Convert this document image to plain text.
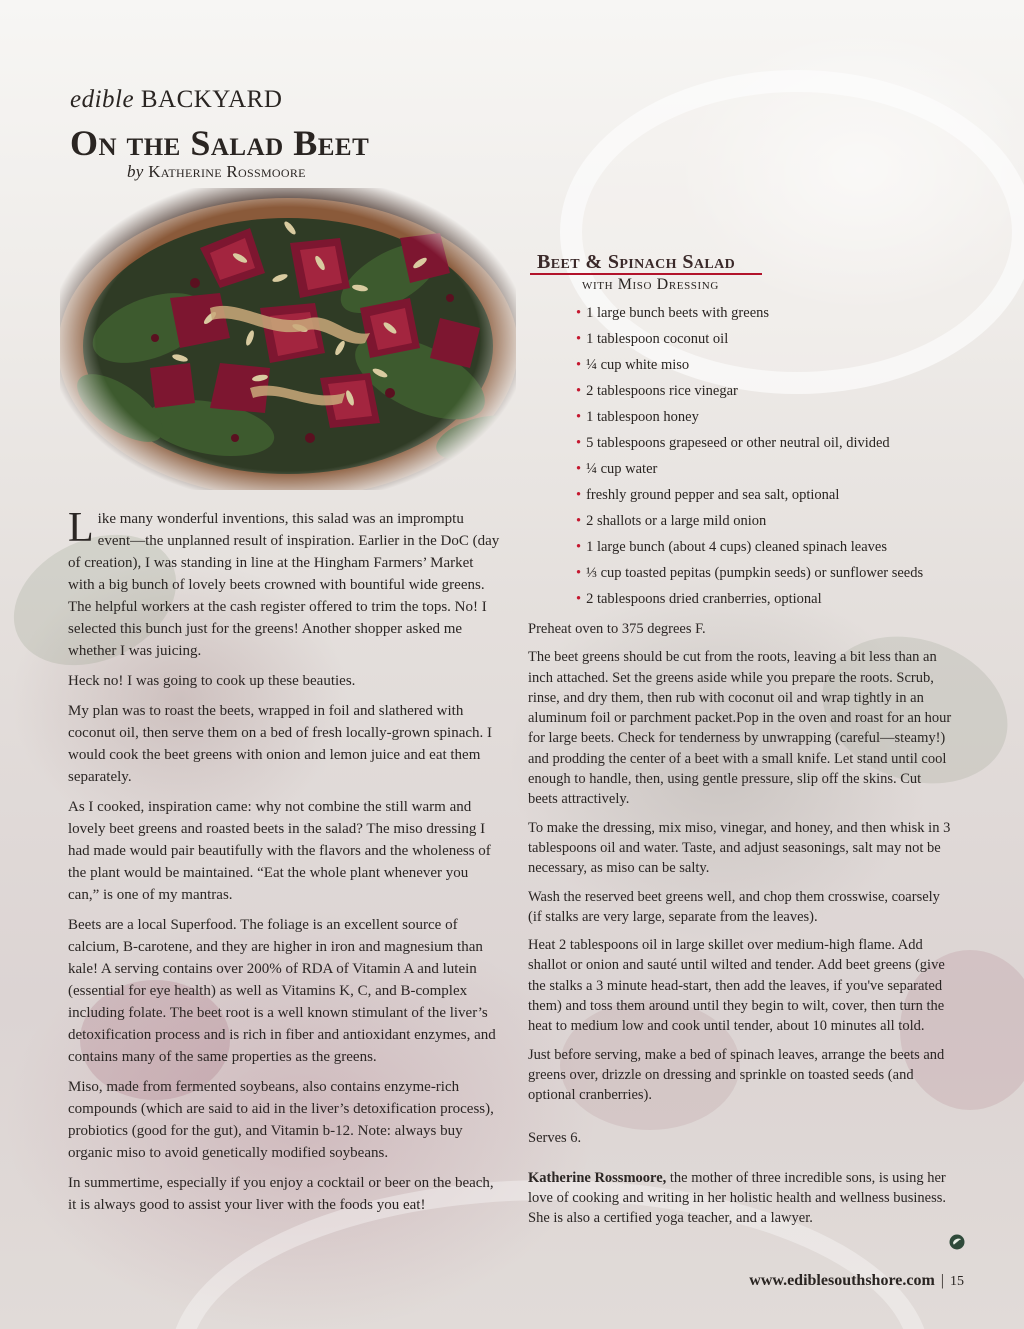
edible BACKYARD
On the Salad Beet
by Katherine Rossmoore

L ike many wonderful inventions, this salad was an impromptu
event—the unplanned result of inspiration. Earlier in the DoC (day of creation), I was standing in line at the Hingham Farmers’ Market with a big bunch of lovely beets crowned with bountiful wide greens. The helpful workers at the cash register offered to trim the tops. No! I selected this bunch just for the greens! Another shopper asked me whether I was juicing.

Heck no! I was going to cook up these beauties.

My plan was to roast the beets, wrapped in foil and slathered with coconut oil, then serve them on a bed of fresh locally-grown spinach. I would cook the beet greens with onion and lemon juice and eat them separately.

As I cooked, inspiration came: why not combine the still warm and lovely beet greens and roasted beets in the salad? The miso dressing I had made would pair beautifully with the flavors and the wholeness of the plant would be maintained. “Eat the whole plant whenever you can,” is one of my mantras.

Beets are a local Superfood. The foliage is an excellent source of calcium, B-carotene, and they are higher in iron and magnesium than kale! A serving contains over 200% of RDA of Vitamin A and lutein (essential for eye health) as well as Vitamins K, C, and B-complex including folate. The beet root is a well known stimulant of the liver’s detoxification process and is rich in fiber and antioxidant enzymes, and contains many of the same properties as the greens.

Miso, made from fermented soybeans, also contains enzyme-rich compounds (which are said to aid in the liver’s detoxification process), probiotics (good for the gut), and Vitamin b-12. Note: always buy organic miso to avoid genetically modified soybeans.

In summertime, especially if you enjoy a cocktail or beer on the beach, it is always good to assist your liver with the foods you eat!

Beet & Spinach Salad
with Miso Dressing
• 1 large bunch beets with greens
• 1 tablespoon coconut oil
• ¼ cup white miso
• 2 tablespoons rice vinegar
• 1 tablespoon honey
• 5 tablespoons grapeseed or other neutral oil, divided
• ¼ cup water
• freshly ground pepper and sea salt, optional
• 2 shallots or a large mild onion
• 1 large bunch (about 4 cups) cleaned spinach leaves
• ⅓ cup toasted pepitas (pumpkin seeds) or sunflower seeds
• 2 tablespoons dried cranberries, optional

Preheat oven to 375 degrees F.

The beet greens should be cut from the roots, leaving a bit less than an inch attached. Set the greens aside while you prepare the roots. Scrub, rinse, and dry them, then rub with coconut oil and wrap tightly in an aluminum foil or parchment packet.Pop in the oven and roast for an hour for large beets. Check for tenderness by unwrapping (careful—steamy!) and prodding the center of a beet with a small knife. Let stand until cool enough to handle, then, using gentle pressure, slip off the skins. Cut beets attractively.

To make the dressing, mix miso, vinegar, and honey, and then whisk in 3 tablespoons oil and water. Taste, and adjust seasonings, salt may not be necessary, as miso can be salty.

Wash the reserved beet greens well, and chop them crosswise, coarsely (if stalks are very large, separate from the leaves).

Heat 2 tablespoons oil in large skillet over medium-high flame. Add shallot or onion and sauté until wilted and tender. Add beet greens (give the stalks a 3 minute head-start, then add the leaves, if you've separated them) and toss them around until they begin to wilt, cover, then turn the heat to medium low and cook until tender, about 10 minutes all told.

Just before serving, make a bed of spinach leaves, arrange the beets and greens over, drizzle on dressing and sprinkle on toasted seeds (and optional cranberries).

Serves 6.

Katherine Rossmoore, the mother of three incredible sons, is using her love of cooking and writing in her holistic health and wellness business. She is also a certified yoga teacher, and a lawyer.

www.ediblesouthshore.com | 15
